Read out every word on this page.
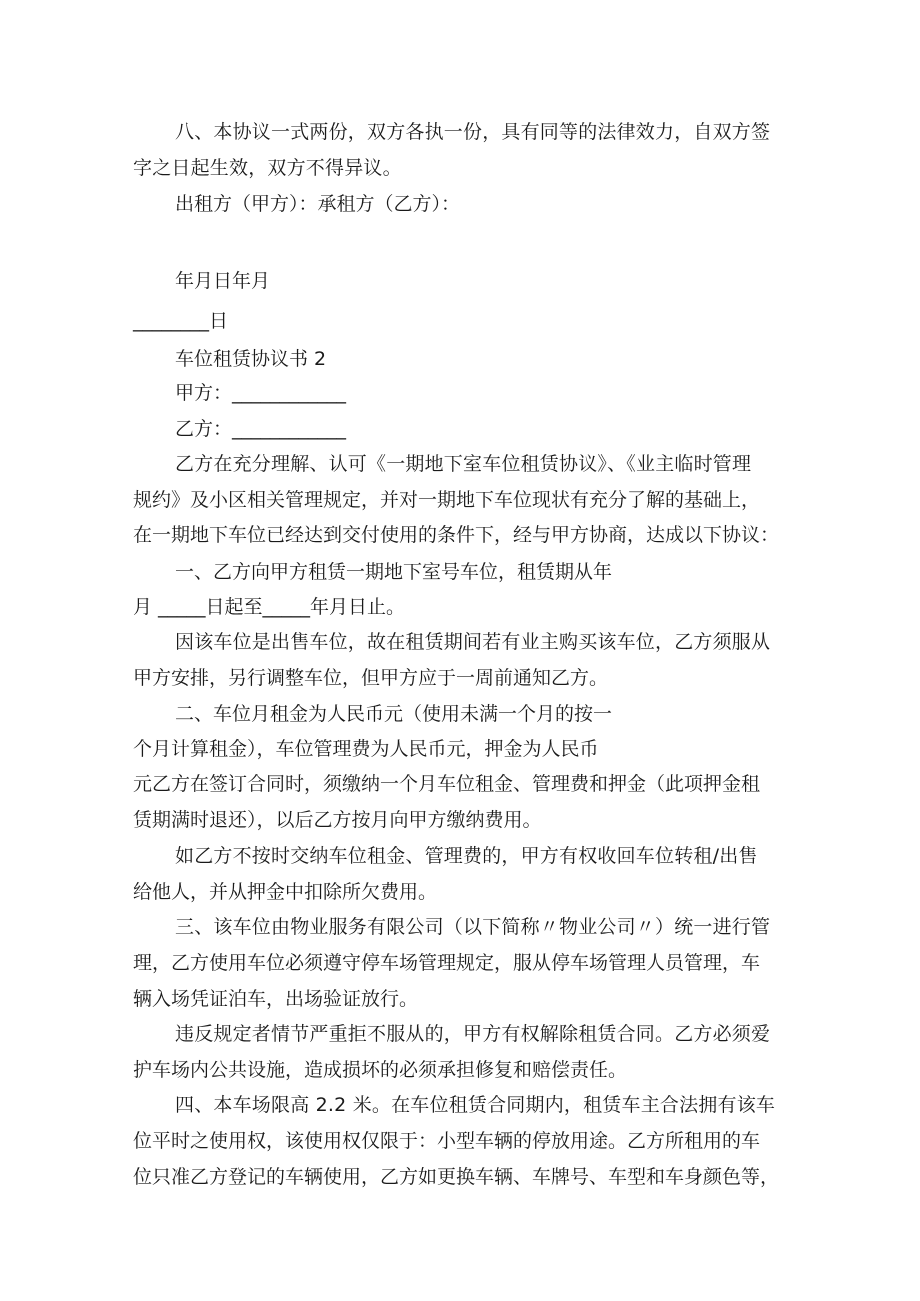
八、本协议一式两份，双方各执一份，具有同等的法律效力，自双方签

字之日起生效，双方不得异议。

出租方（甲方）：承租方（乙方）：

年月日年月

________日

车位租赁协议书 2

甲方：____________

乙方：____________

乙方在充分理解、认可《一期地下室车位租赁协议》、《业主临时管理

规约》及小区相关管理规定，并对一期地下车位现状有充分了解的基础上，

在一期地下车位已经达到交付使用的条件下，经与甲方协商，达成以下协议：

一、乙方向甲方租赁一期地下室号车位，租赁期从年

月 _____日起至_____年月日止。

因该车位是出售车位，故在租赁期间若有业主购买该车位，乙方须服从

甲方安排，另行调整车位，但甲方应于一周前通知乙方。

二、车位月租金为人民币元（使用未满一个月的按一

个月计算租金），车位管理费为人民币元，押金为人民币

元乙方在签订合同时，须缴纳一个月车位租金、管理费和押金（此项押金租

赁期满时退还），以后乙方按月向甲方缴纳费用。

如乙方不按时交纳车位租金、管理费的，甲方有权收回车位转租/出售

给他人，并从押金中扣除所欠费用。

三、该车位由物业服务有限公司（以下简称〃物业公司〃）统一进行管

理，乙方使用车位必须遵守停车场管理规定，服从停车场管理人员管理，车

辆入场凭证泊车，出场验证放行。

违反规定者情节严重拒不服从的，甲方有权解除租赁合同。乙方必须爱

护车场内公共设施，造成损坏的必须承担修复和赔偿责任。

四、本车场限高 2.2 米。在车位租赁合同期内，租赁车主合法拥有该车

位平时之使用权，该使用权仅限于：小型车辆的停放用途。乙方所租用的车

位只准乙方登记的车辆使用，乙方如更换车辆、车牌号、车型和车身颜色等，
